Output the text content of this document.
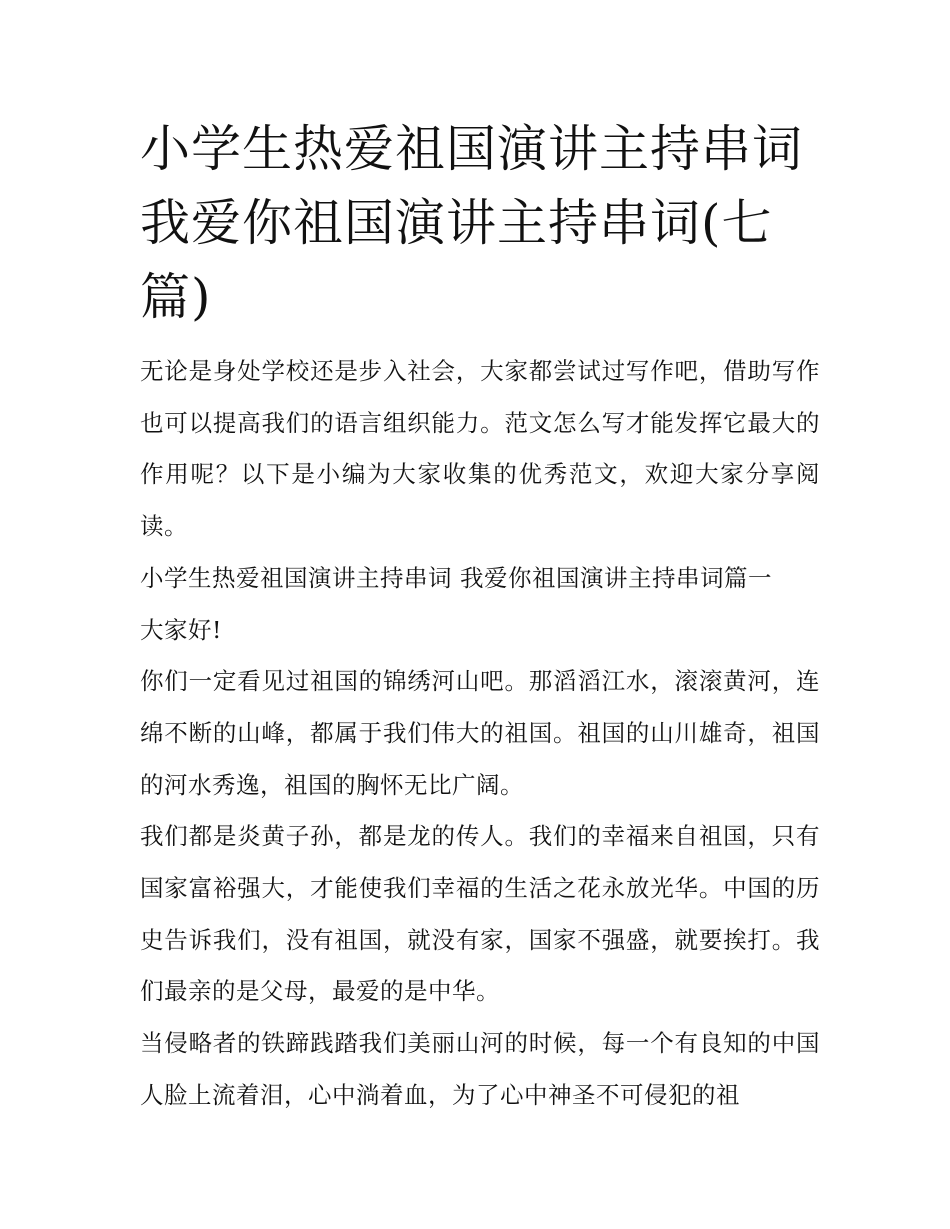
小学生热爱祖国演讲主持串词 我爱你祖国演讲主持串词(七篇)

无论是身处学校还是步入社会，大家都尝试过写作吧，借助写作也可以提高我们的语言组织能力。范文怎么写才能发挥它最大的作用呢？以下是小编为大家收集的优秀范文，欢迎大家分享阅读。

小学生热爱祖国演讲主持串词 我爱你祖国演讲主持串词篇一

大家好!

你们一定看见过祖国的锦绣河山吧。那滔滔江水，滚滚黄河，连绵不断的山峰，都属于我们伟大的祖国。祖国的山川雄奇，祖国的河水秀逸，祖国的胸怀无比广阔。

我们都是炎黄子孙，都是龙的传人。我们的幸福来自祖国，只有国家富裕强大，才能使我们幸福的生活之花永放光华。中国的历史告诉我们，没有祖国，就没有家，国家不强盛，就要挨打。我们最亲的是父母，最爱的是中华。

当侵略者的铁蹄践踏我们美丽山河的时候，每一个有良知的中国人脸上流着泪，心中淌着血，为了心中神圣不可侵犯的祖
